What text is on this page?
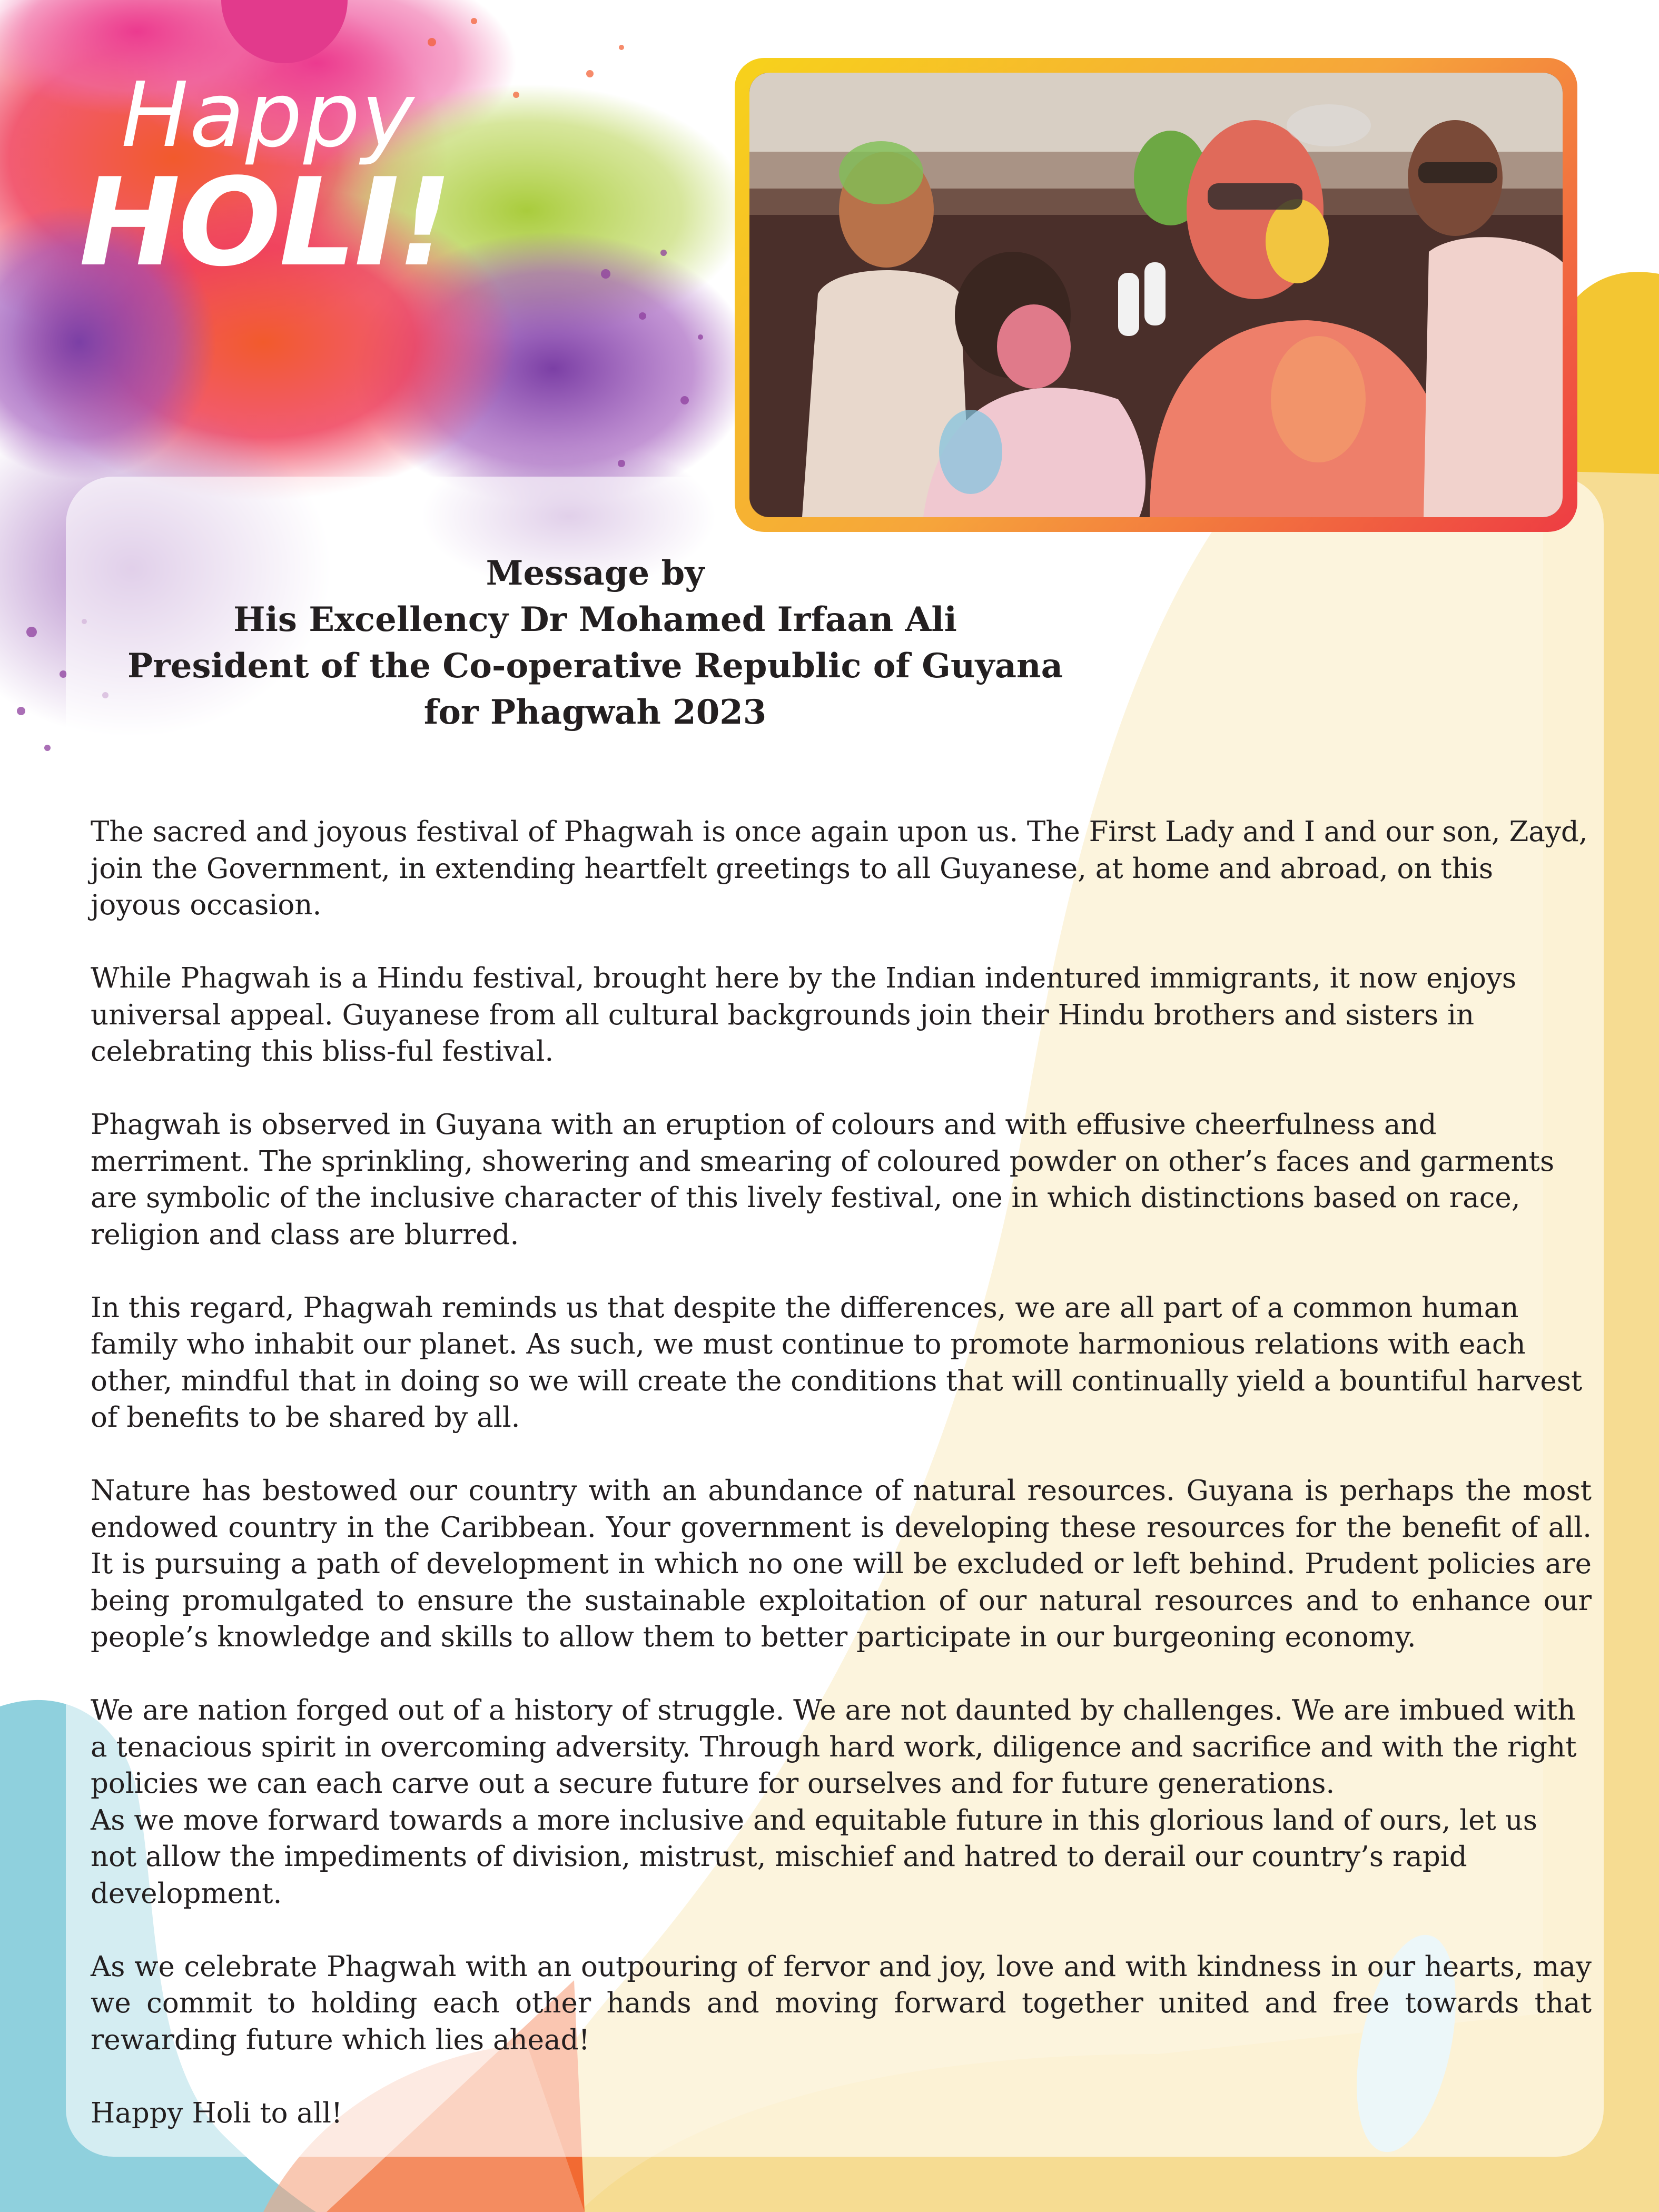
Happy
HOLI!
Message by
His Excellency Dr Mohamed Irfaan Ali
President of the Co-operative Republic of Guyana
for Phagwah 2023

The sacred and joyous festival of Phagwah is once again upon us. The First Lady and I and our son, Zayd, join the Government, in extending heartfelt greetings to all Guyanese, at home and abroad, on this joyous occasion.

While Phagwah is a Hindu festival, brought here by the Indian indentured immigrants, it now enjoys universal appeal. Guyanese from all cultural backgrounds join their Hindu brothers and sisters in celebrating this bliss-ful festival.

Phagwah is observed in Guyana with an eruption of colours and with effusive cheerfulness and merriment. The sprinkling, showering and smearing of coloured powder on other’s faces and garments are symbolic of the inclusive character of this lively festival, one in which distinctions based on race, religion and class are blurred.

In this regard, Phagwah reminds us that despite the differences, we are all part of a common human family who inhabit our planet. As such, we must continue to promote harmonious relations with each other, mindful that in doing so we will create the conditions that will continually yield a bountiful harvest of benefits to be shared by all.

Nature has bestowed our country with an abundance of natural resources. Guyana is perhaps the most endowed country in the Caribbean. Your government is developing these resources for the benefit of all. It is pursuing a path of development in which no one will be excluded or left behind. Prudent policies are being promulgated to ensure the sustainable exploitation of our natural resources and to enhance our people’s knowledge and skills to allow them to better participate in our burgeoning economy.

We are nation forged out of a history of struggle. We are not daunted by challenges. We are imbued with a tenacious spirit in overcoming adversity. Through hard work, diligence and sacrifice and with the right policies we can each carve out a secure future for ourselves and for future generations.

As we move forward towards a more inclusive and equitable future in this glorious land of ours, let us not allow the impediments of division, mistrust, mischief and hatred to derail our country’s rapid development.

As we celebrate Phagwah with an outpouring of fervor and joy, love and with kindness in our hearts, may we commit to holding each other hands and moving forward together united and free towards that rewarding future which lies ahead!

Happy Holi to all!
